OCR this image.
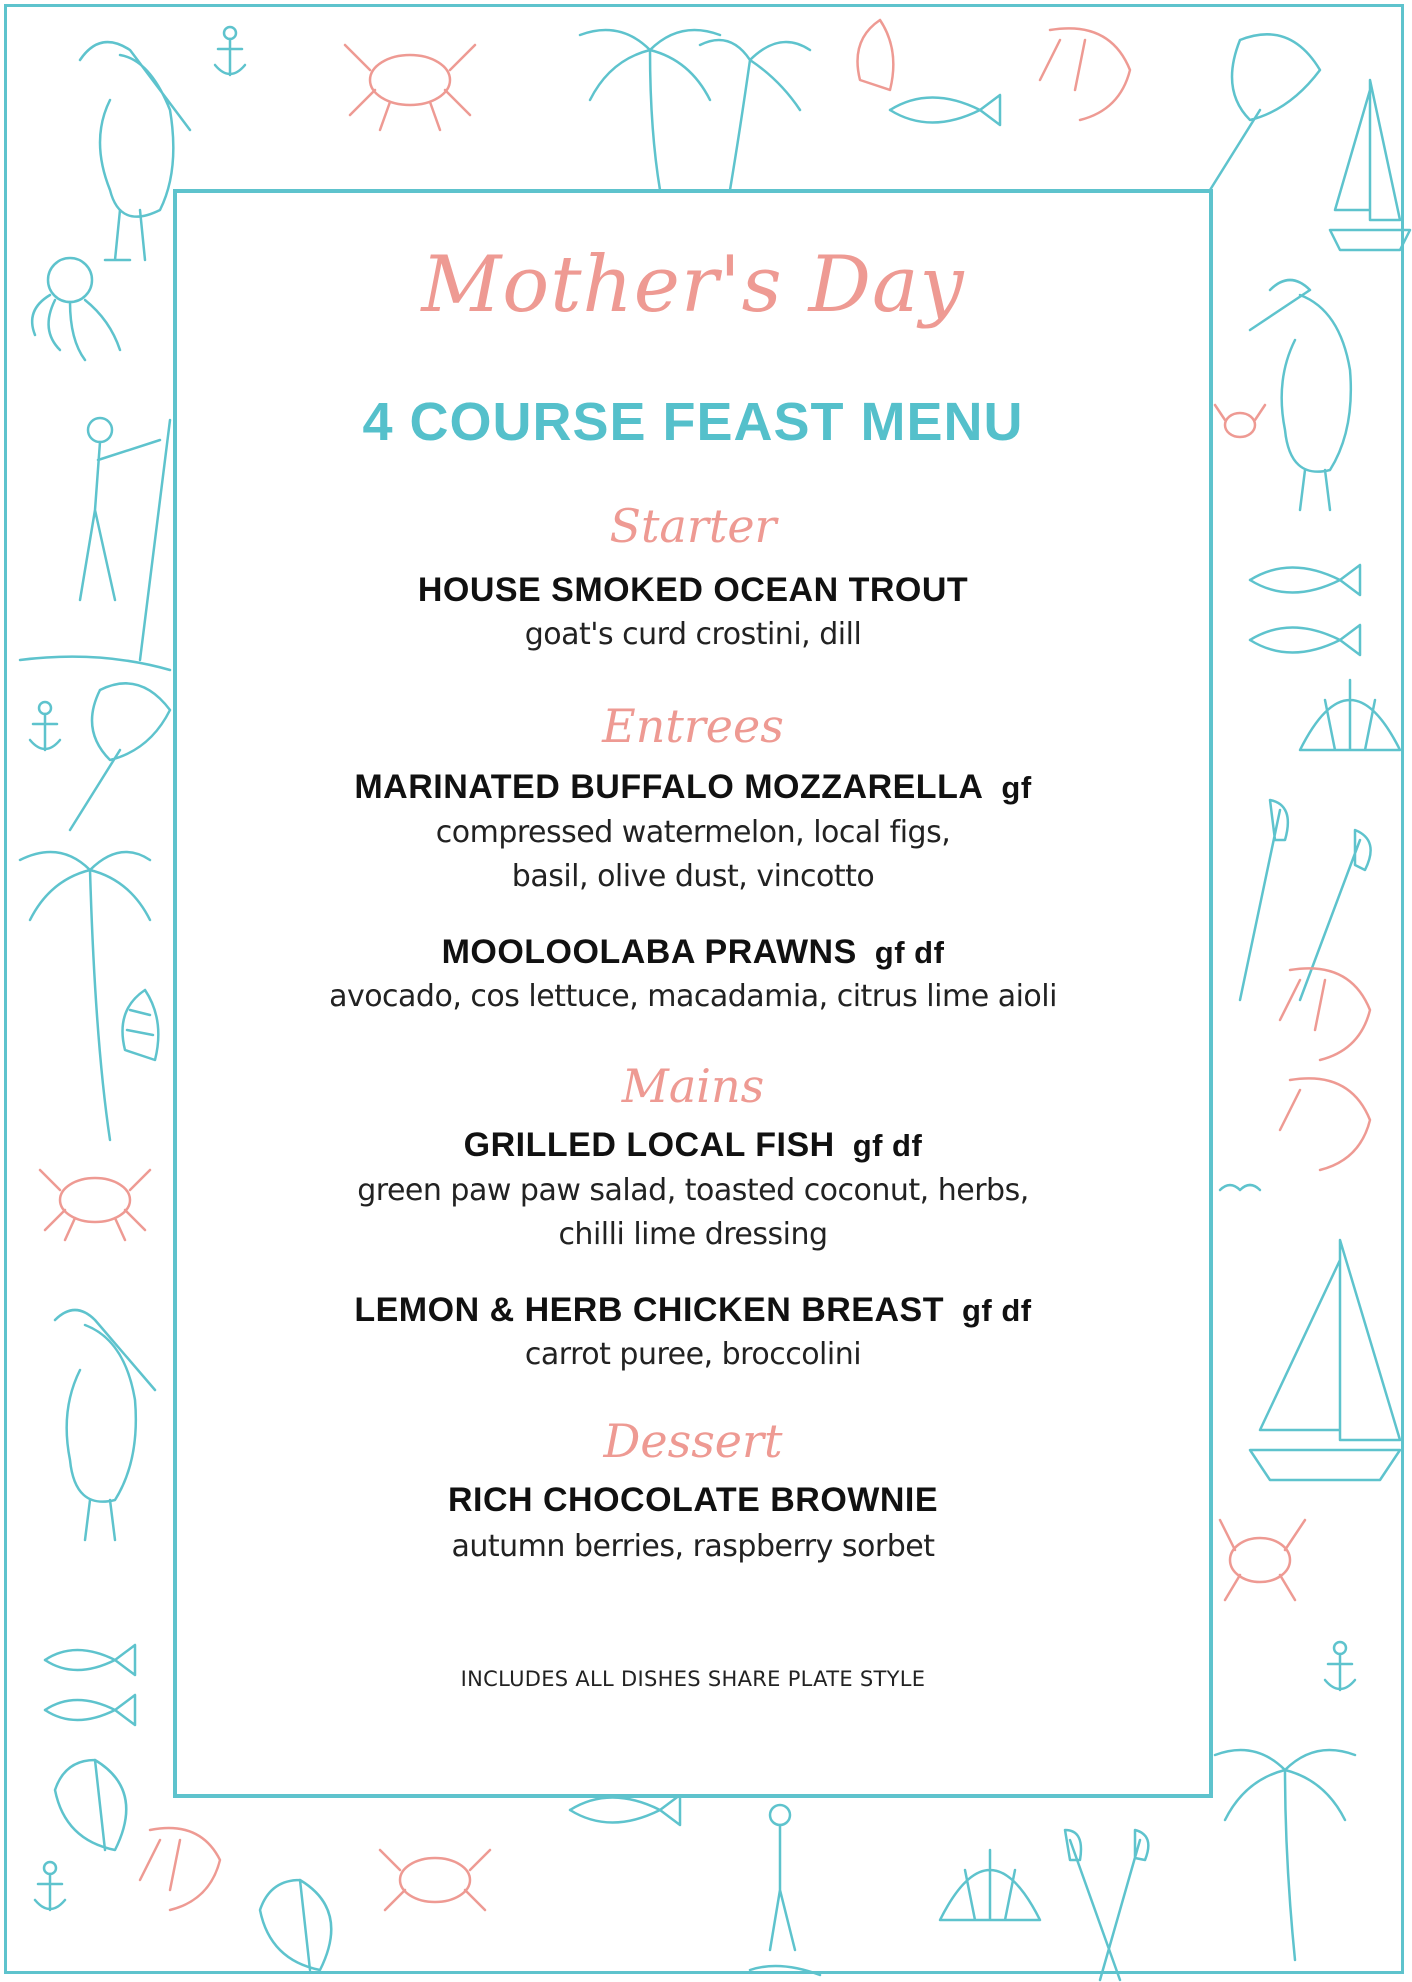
Mother's Day
4 COURSE FEAST MENU
Starter
HOUSE SMOKED OCEAN TROUT
goat's curd crostini, dill
Entrees
MARINATED BUFFALO MOZZARELLA gf
compressed watermelon, local figs,
basil, olive dust, vincotto
MOOLOOLABA PRAWNS gf df
avocado, cos lettuce, macadamia, citrus lime aioli
Mains
GRILLED LOCAL FISH gf df
green paw paw salad, toasted coconut, herbs,
chilli lime dressing
LEMON & HERB CHICKEN BREAST gf df
carrot puree, broccolini
Dessert
RICH CHOCOLATE BROWNIE
autumn berries, raspberry sorbet
INCLUDES ALL DISHES SHARE PLATE STYLE
